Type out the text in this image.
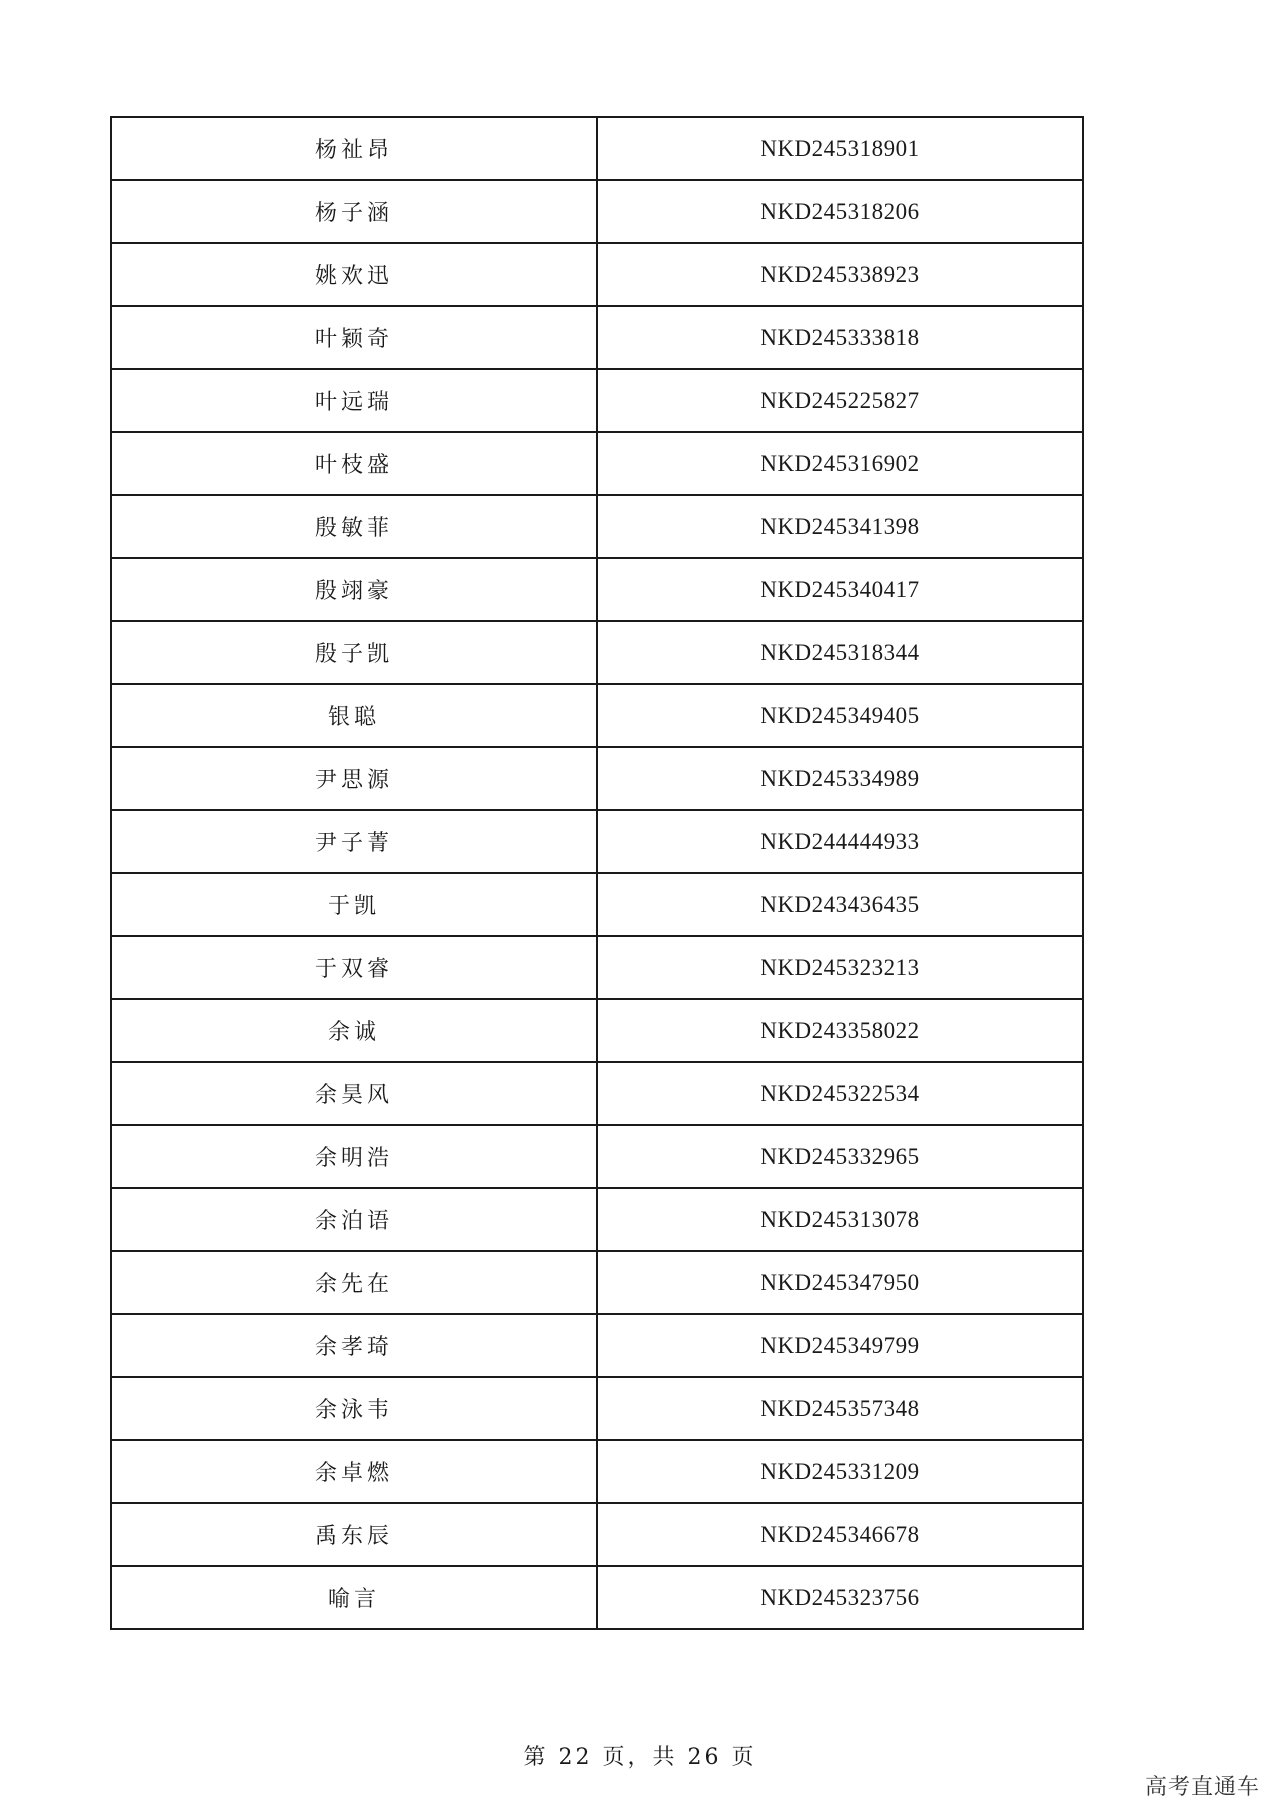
杨祉昂	NKD245318901
杨子涵	NKD245318206
姚欢迅	NKD245338923
叶颖奇	NKD245333818
叶远瑞	NKD245225827
叶枝盛	NKD245316902
殷敏菲	NKD245341398
殷翊豪	NKD245340417
殷子凯	NKD245318344
银聪	NKD245349405
尹思源	NKD245334989
尹子菁	NKD244444933
于凯	NKD243436435
于双睿	NKD245323213
余诚	NKD243358022
余昊风	NKD245322534
余明浩	NKD245332965
余泊语	NKD245313078
余先在	NKD245347950
余孝琦	NKD245349799
余泳韦	NKD245357348
余卓燃	NKD245331209
禹东辰	NKD245346678
喻言	NKD245323756
第 22 页，共 26 页
高考直通车
